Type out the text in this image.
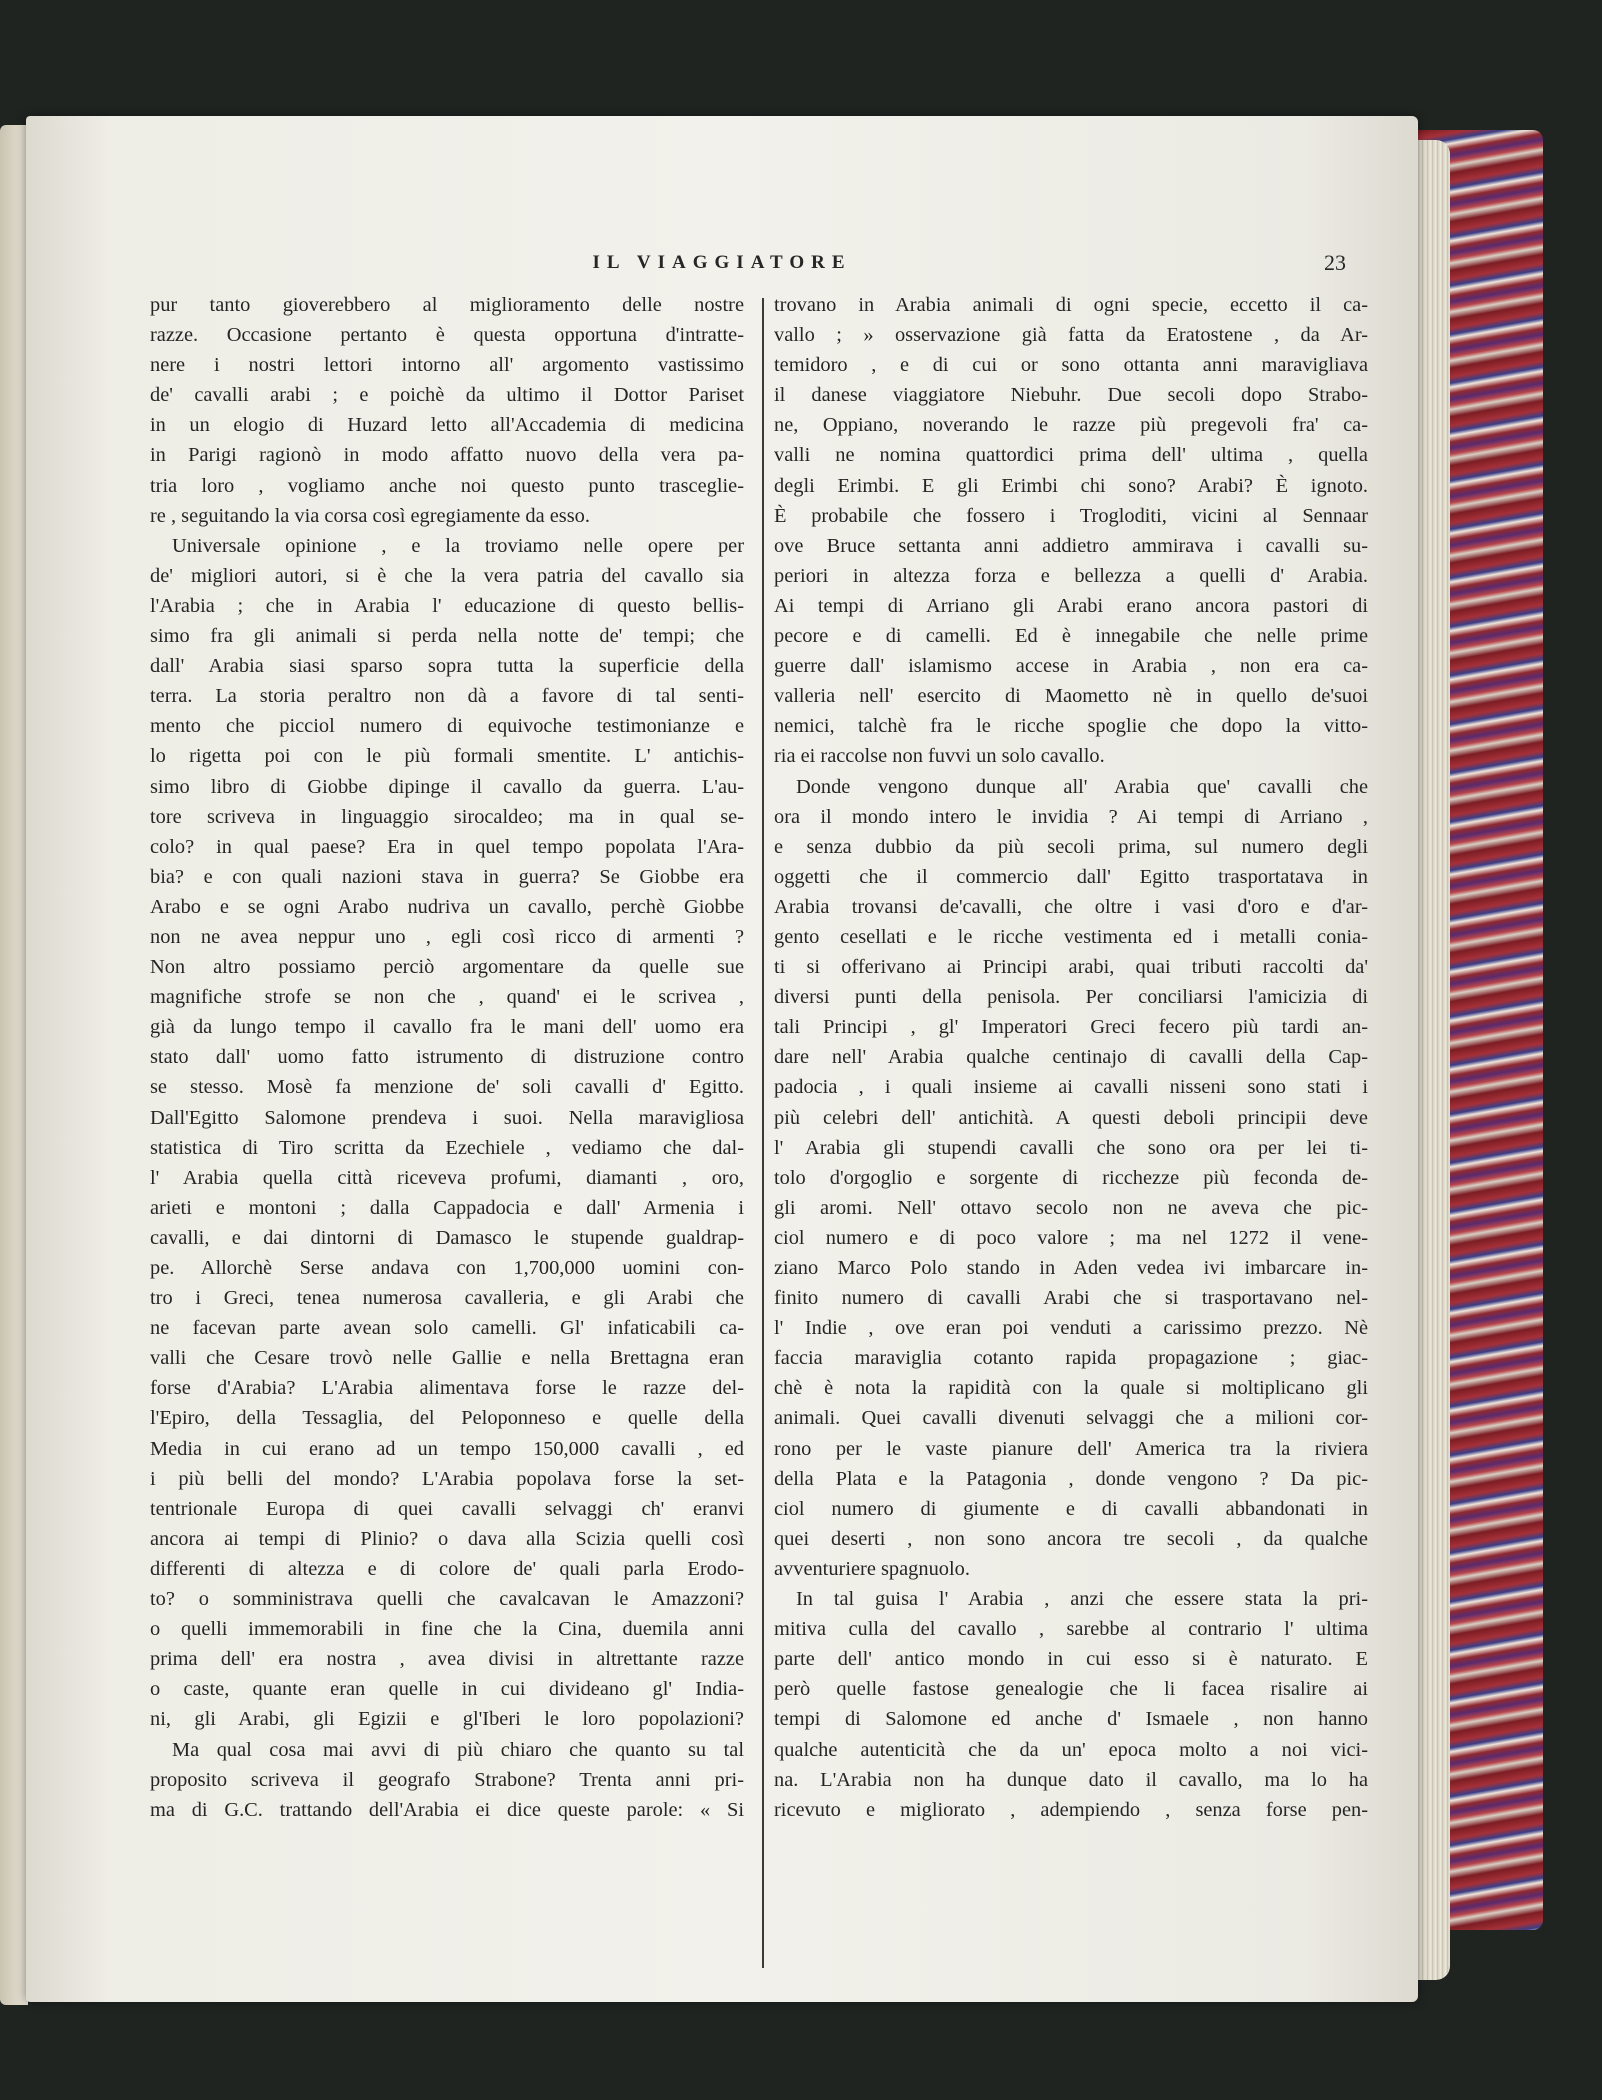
IL VIAGGIATORE	23
pur tanto gioverebbero al miglioramento delle nostre
razze. Occasione pertanto è questa opportuna d'intratte-
nere i nostri lettori intorno all' argomento vastissimo
de' cavalli arabi ; e poichè da ultimo il Dottor Pariset
in un elogio di Huzard letto all'Accademia di medicina
in Parigi ragionò in modo affatto nuovo della vera pa-
tria loro , vogliamo anche noi questo punto trasceglie-
re , seguitando la via corsa così egregiamente da esso.
Universale opinione , e la troviamo nelle opere per
de' migliori autori, si è che la vera patria del cavallo sia
l'Arabia ; che in Arabia l' educazione di questo bellis-
simo fra gli animali si perda nella notte de' tempi; che
dall' Arabia siasi sparso sopra tutta la superficie della
terra. La storia peraltro non dà a favore di tal senti-
mento che picciol numero di equivoche testimonianze e
lo rigetta poi con le più formali smentite. L' antichis-
simo libro di Giobbe dipinge il cavallo da guerra. L'au-
tore scriveva in linguaggio sirocaldeo; ma in qual se-
colo? in qual paese? Era in quel tempo popolata l'Ara-
bia? e con quali nazioni stava in guerra? Se Giobbe era
Arabo e se ogni Arabo nudriva un cavallo, perchè Giobbe
non ne avea neppur uno , egli così ricco di armenti ?
Non altro possiamo perciò argomentare da quelle sue
magnifiche strofe se non che , quand' ei le scrivea ,
già da lungo tempo il cavallo fra le mani dell' uomo era
stato dall' uomo fatto istrumento di distruzione contro
se stesso. Mosè fa menzione de' soli cavalli d' Egitto.
Dall'Egitto Salomone prendeva i suoi. Nella maravigliosa
statistica di Tiro scritta da Ezechiele , vediamo che dal-
l' Arabia quella città riceveva profumi, diamanti , oro,
arieti e montoni ; dalla Cappadocia e dall' Armenia i
cavalli, e dai dintorni di Damasco le stupende gualdrap-
pe. Allorchè Serse andava con 1,700,000 uomini con-
tro i Greci, tenea numerosa cavalleria, e gli Arabi che
ne facevan parte avean solo camelli. Gl' infaticabili ca-
valli che Cesare trovò nelle Gallie e nella Brettagna eran
forse d'Arabia? L'Arabia alimentava forse le razze del-
l'Epiro, della Tessaglia, del Peloponneso e quelle della
Media in cui erano ad un tempo 150,000 cavalli , ed
i più belli del mondo? L'Arabia popolava forse la set-
tentrionale Europa di quei cavalli selvaggi ch' eranvi
ancora ai tempi di Plinio? o dava alla Scizia quelli così
differenti di altezza e di colore de' quali parla Erodo-
to? o somministrava quelli che cavalcavan le Amazzoni?
o quelli immemorabili in fine che la Cina, duemila anni
prima dell' era nostra , avea divisi in altrettante razze
o caste, quante eran quelle in cui divideano gl' India-
ni, gli Arabi, gli Egizii e gl'Iberi le loro popolazioni?
Ma qual cosa mai avvi di più chiaro che quanto su tal
proposito scriveva il geografo Strabone? Trenta anni pri-
ma di G.C. trattando dell'Arabia ei dice queste parole: « Si
trovano in Arabia animali di ogni specie, eccetto il ca-
vallo ; » osservazione già fatta da Eratostene , da Ar-
temidoro , e di cui or sono ottanta anni maravigliava
il danese viaggiatore Niebuhr. Due secoli dopo Strabo-
ne, Oppiano, noverando le razze più pregevoli fra' ca-
valli ne nomina quattordici prima dell' ultima , quella
degli Erimbi. E gli Erimbi chi sono? Arabi? È ignoto.
È probabile che fossero i Trogloditi, vicini al Sennaar
ove Bruce settanta anni addietro ammirava i cavalli su-
periori in altezza forza e bellezza a quelli d' Arabia.
Ai tempi di Arriano gli Arabi erano ancora pastori di
pecore e di camelli. Ed è innegabile che nelle prime
guerre dall' islamismo accese in Arabia , non era ca-
valleria nell' esercito di Maometto nè in quello de'suoi
nemici, talchè fra le ricche spoglie che dopo la vitto-
ria ei raccolse non fuvvi un solo cavallo.
Donde vengono dunque all' Arabia que' cavalli che
ora il mondo intero le invidia ? Ai tempi di Arriano ,
e senza dubbio da più secoli prima, sul numero degli
oggetti che il commercio dall' Egitto trasportatava in
Arabia trovansi de'cavalli, che oltre i vasi d'oro e d'ar-
gento cesellati e le ricche vestimenta ed i metalli conia-
ti si offerivano ai Principi arabi, quai tributi raccolti da'
diversi punti della penisola. Per conciliarsi l'amicizia di
tali Principi , gl' Imperatori Greci fecero più tardi an-
dare nell' Arabia qualche centinajo di cavalli della Cap-
padocia , i quali insieme ai cavalli nisseni sono stati i
più celebri dell' antichità. A questi deboli principii deve
l' Arabia gli stupendi cavalli che sono ora per lei ti-
tolo d'orgoglio e sorgente di ricchezze più feconda de-
gli aromi. Nell' ottavo secolo non ne aveva che pic-
ciol numero e di poco valore ; ma nel 1272 il vene-
ziano Marco Polo stando in Aden vedea ivi imbarcare in-
finito numero di cavalli Arabi che si trasportavano nel-
l' Indie , ove eran poi venduti a carissimo prezzo. Nè
faccia maraviglia cotanto rapida propagazione ; giac-
chè è nota la rapidità con la quale si moltiplicano gli
animali. Quei cavalli divenuti selvaggi che a milioni cor-
rono per le vaste pianure dell' America tra la riviera
della Plata e la Patagonia , donde vengono ? Da pic-
ciol numero di giumente e di cavalli abbandonati in
quei deserti , non sono ancora tre secoli , da qualche
avventuriere spagnuolo.
In tal guisa l' Arabia , anzi che essere stata la pri-
mitiva culla del cavallo , sarebbe al contrario l' ultima
parte dell' antico mondo in cui esso si è naturato. E
però quelle fastose genealogie che li facea risalire ai
tempi di Salomone ed anche d' Ismaele , non hanno
qualche autenticità che da un' epoca molto a noi vici-
na. L'Arabia non ha dunque dato il cavallo, ma lo ha
ricevuto e migliorato , adempiendo , senza forse pen-
